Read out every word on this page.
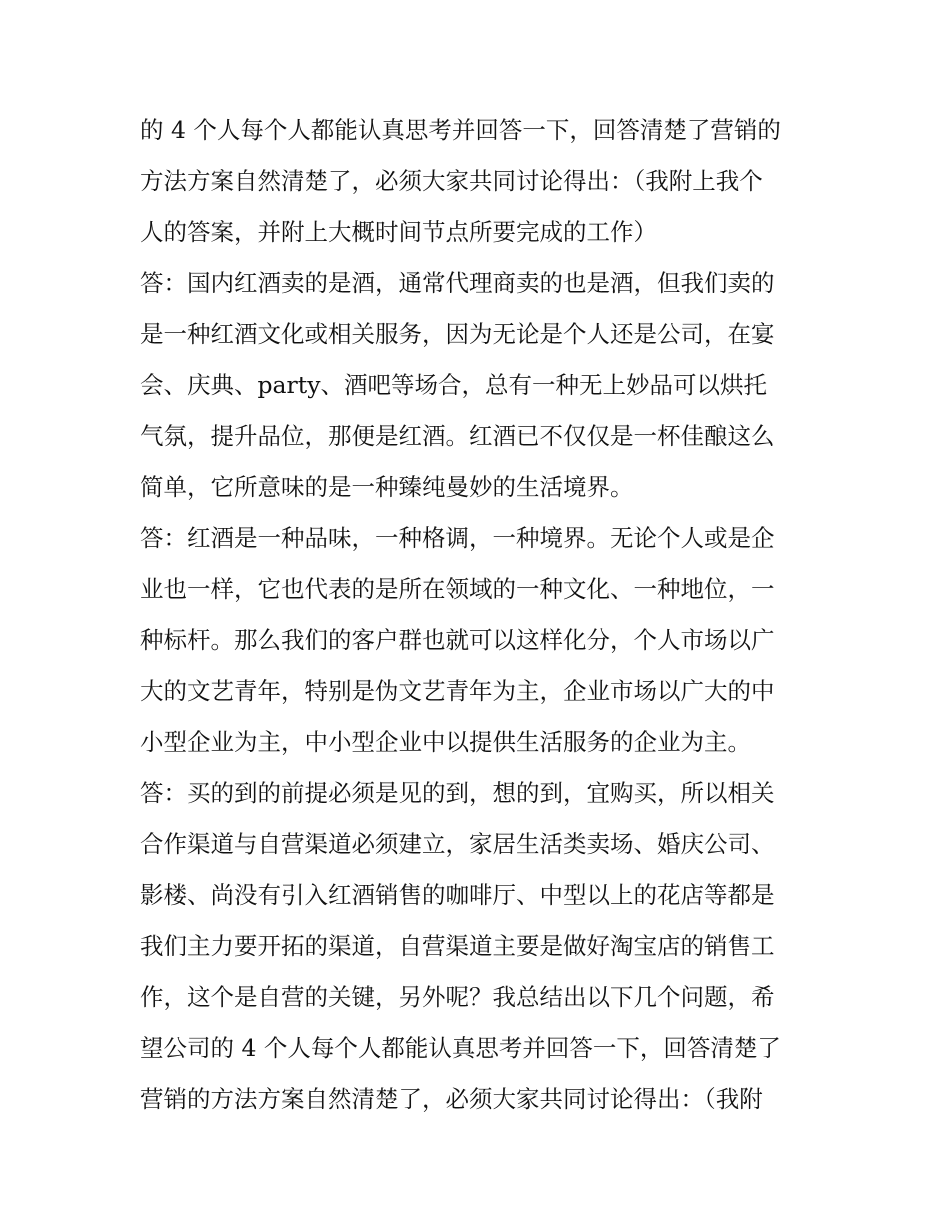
的 4 个人每个人都能认真思考并回答一下，回答清楚了营销的
方法方案自然清楚了，必须大家共同讨论得出：（我附上我个
人的答案，并附上大概时间节点所要完成的工作）
答：国内红酒卖的是酒，通常代理商卖的也是酒，但我们卖的
是一种红酒文化或相关服务，因为无论是个人还是公司，在宴
会、庆典、party、酒吧等场合，总有一种无上妙品可以烘托
气氛，提升品位，那便是红酒。红酒已不仅仅是一杯佳酿这么
简单，它所意味的是一种臻纯曼妙的生活境界。
答：红酒是一种品味，一种格调，一种境界。无论个人或是企
业也一样，它也代表的是所在领域的一种文化、一种地位，一
种标杆。那么我们的客户群也就可以这样化分，个人市场以广
大的文艺青年，特别是伪文艺青年为主，企业市场以广大的中
小型企业为主，中小型企业中以提供生活服务的企业为主。
答：买的到的前提必须是见的到，想的到，宜购买，所以相关
合作渠道与自营渠道必须建立，家居生活类卖场、婚庆公司、
影楼、尚没有引入红酒销售的咖啡厅、中型以上的花店等都是
我们主力要开拓的渠道，自营渠道主要是做好淘宝店的销售工
作，这个是自营的关键，另外呢？我总结出以下几个问题，希
望公司的 4 个人每个人都能认真思考并回答一下，回答清楚了
营销的方法方案自然清楚了，必须大家共同讨论得出：（我附
